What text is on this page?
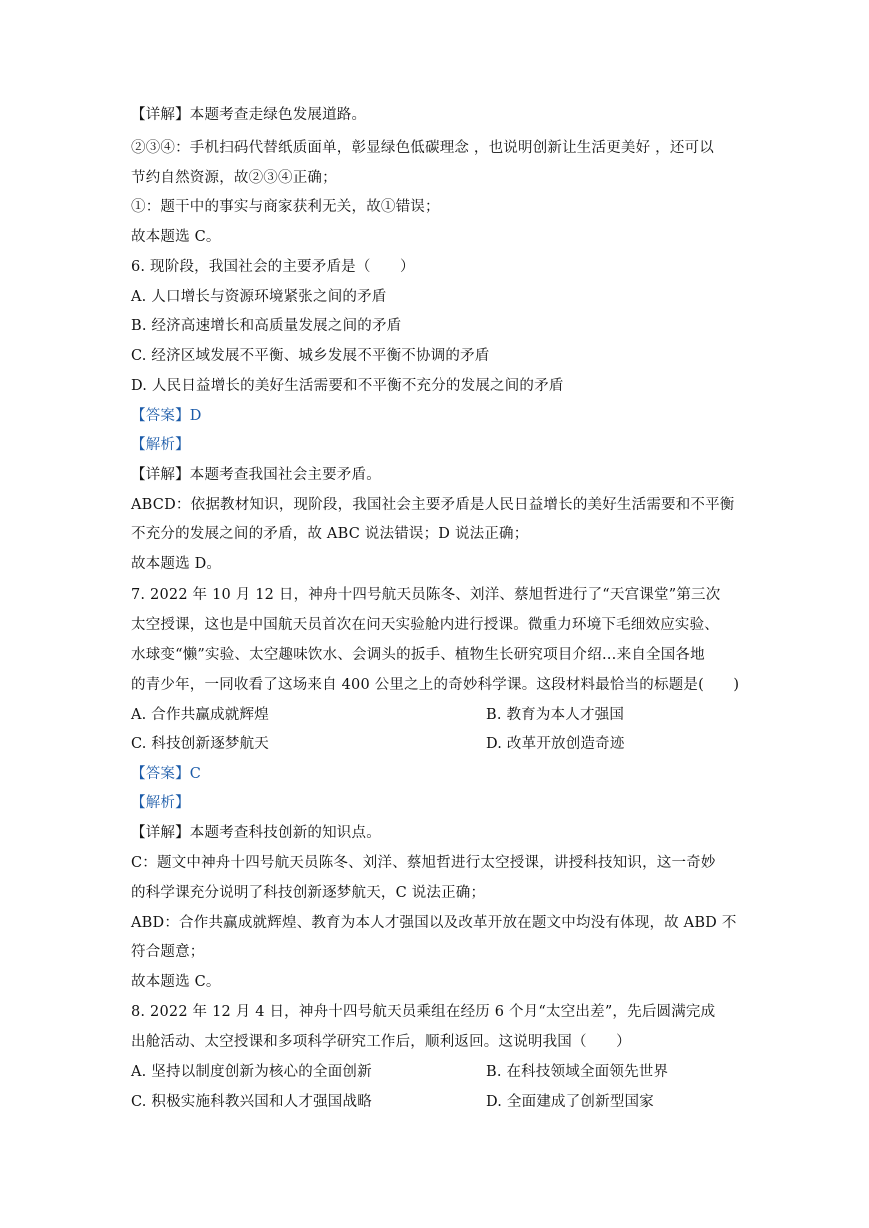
【详解】本题考查走绿色发展道路。
②③④：手机扫码代替纸质面单，彰显绿色低碳理念 ，也说明创新让生活更美好 ，还可以
节约自然资源，故②③④正确；
①：题干中的事实与商家获利无关，故①错误；
故本题选 C。
6. 现阶段，我国社会的主要矛盾是（　　）
A. 人口增长与资源环境紧张之间的矛盾
B. 经济高速增长和高质量发展之间的矛盾
C. 经济区域发展不平衡、城乡发展不平衡不协调的矛盾
D. 人民日益增长的美好生活需要和不平衡不充分的发展之间的矛盾
【答案】D
【解析】
【详解】本题考查我国社会主要矛盾。
ABCD：依据教材知识，现阶段，我国社会主要矛盾是人民日益增长的美好生活需要和不平衡
不充分的发展之间的矛盾，故 ABC 说法错误；D 说法正确；
故本题选 D。
7. 2022 年 10 月 12 日，神舟十四号航天员陈冬、刘洋、蔡旭哲进行了“天宫课堂”第三次
太空授课，这也是中国航天员首次在问天实验舱内进行授课。微重力环境下毛细效应实验、
水球变“懒”实验、太空趣味饮水、会调头的扳手、植物生长研究项目介绍…来自全国各地
的青少年，一同收看了这场来自 400 公里之上的奇妙科学课。这段材料最恰当的标题是(　　)
A. 合作共赢成就辉煌	B. 教育为本人才强国
C. 科技创新逐梦航天	D. 改革开放创造奇迹
【答案】C
【解析】
【详解】本题考查科技创新的知识点。
C：题文中神舟十四号航天员陈冬、刘洋、蔡旭哲进行太空授课，讲授科技知识，这一奇妙
的科学课充分说明了科技创新逐梦航天，C 说法正确；
ABD：合作共赢成就辉煌、教育为本人才强国以及改革开放在题文中均没有体现，故 ABD 不
符合题意；
故本题选 C。
8. 2022 年 12 月 4 日，神舟十四号航天员乘组在经历 6 个月“太空出差”，先后圆满完成
出舱活动、太空授课和多项科学研究工作后，顺利返回。这说明我国（　　）
A. 坚持以制度创新为核心的全面创新	B. 在科技领域全面领先世界
C. 积极实施科教兴国和人才强国战略	D. 全面建成了创新型国家
